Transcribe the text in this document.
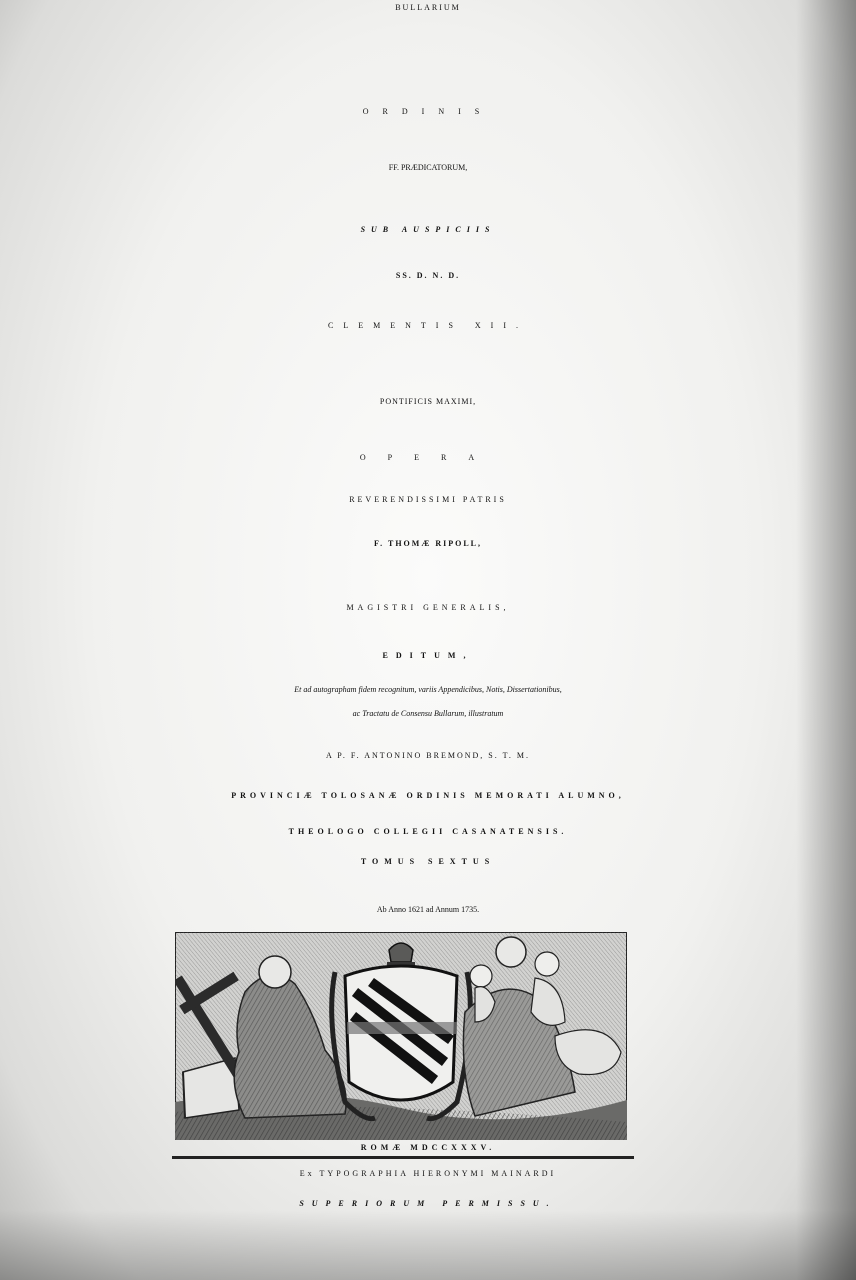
BULLARIUM
ORDINIS
FF. PRÆDICATORUM,
SUB AUSPICIIS
SS. D. N. D.
CLEMENTIS XII.
PONTIFICIS MAXIMI,
OPERA
REVERENDISSIMI PATRIS
F. THOMÆ RIPOLL,
MAGISTRI GENERALIS,
EDITUM,
Et ad autographam fidem recognitum, variis Appendicibus, Notis, Dissertationibus,
ac Tractatu de Consensu Bullarum, illustratum
A P. F. ANTONINO BREMOND, S. T. M.
PROVINCIÆ TOLOSANÆ ORDINIS MEMORATI ALUMNO,
THEOLOGO COLLEGII CASANATENSIS.
TOMUS SEXTUS
Ab Anno 1621 ad Annum 1735.
ROMÆ MDCCXXXV.
Ex TYPOGRAPHIA HIERONYMI MAINARDI
SUPERIORUM PERMISSU.
